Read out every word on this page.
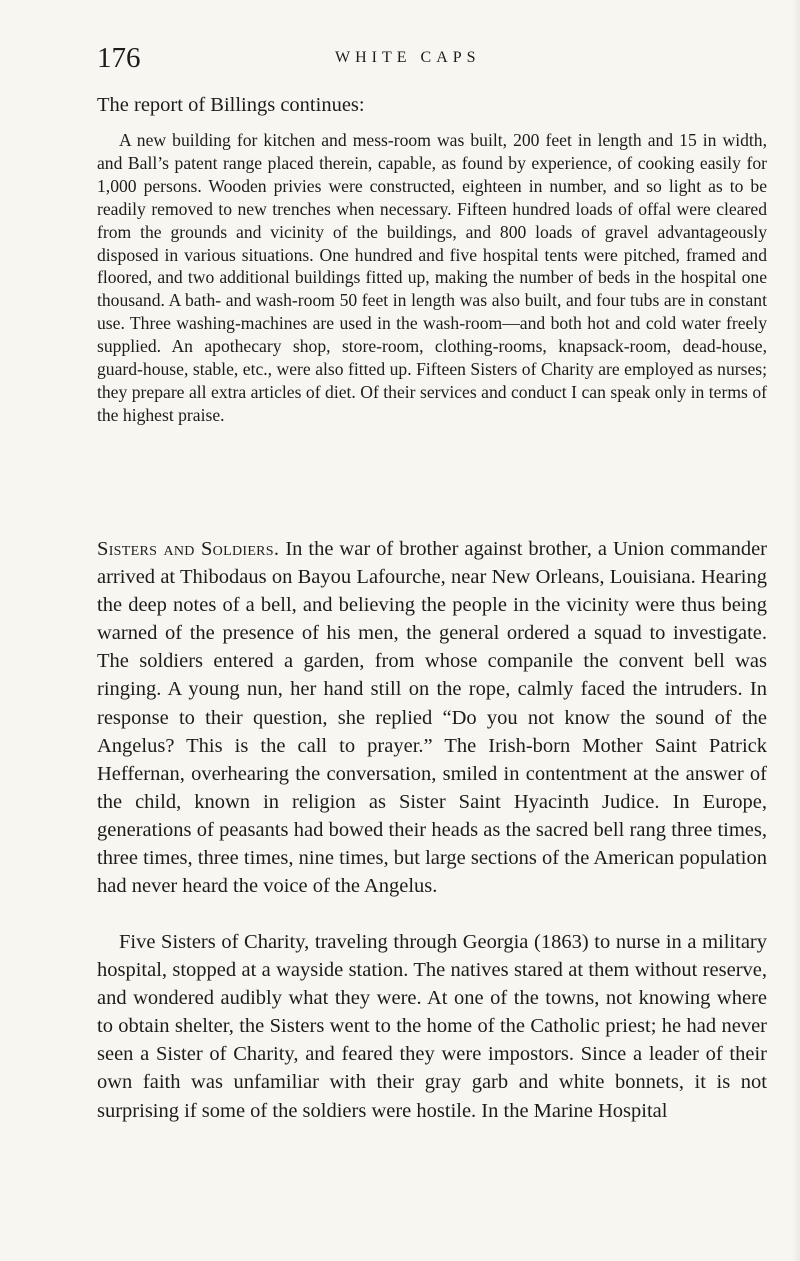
176	WHITE CAPS

The report of Billings continues:

A new building for kitchen and mess-room was built, 200 feet in length and 15 in width, and Ball’s patent range placed therein, capable, as found by experience, of cooking easily for 1,000 persons. Wooden privies were constructed, eighteen in number, and so light as to be readily removed to new trenches when necessary. Fifteen hundred loads of offal were cleared from the grounds and vicinity of the buildings, and 800 loads of gravel advantageously disposed in various situations. One hundred and five hospital tents were pitched, framed and floored, and two additional buildings fitted up, making the number of beds in the hospital one thousand. A bath- and wash-room 50 feet in length was also built, and four tubs are in constant use. Three washing-machines are used in the wash-room—and both hot and cold water freely supplied. An apothecary shop, store-room, clothing-rooms, knapsack-room, dead-house, guard-house, stable, etc., were also fitted up. Fifteen Sisters of Charity are employed as nurses; they prepare all extra articles of diet. Of their services and conduct I can speak only in terms of the highest praise.

Sisters and Soldiers. In the war of brother against brother, a Union commander arrived at Thibodaus on Bayou Lafourche, near New Orleans, Louisiana. Hearing the deep notes of a bell, and believing the people in the vicinity were thus being warned of the presence of his men, the general ordered a squad to investigate. The soldiers entered a garden, from whose companile the convent bell was ringing. A young nun, her hand still on the rope, calmly faced the intruders. In response to their question, she replied “Do you not know the sound of the Angelus? This is the call to prayer.” The Irish-born Mother Saint Patrick Heffernan, overhearing the conversation, smiled in contentment at the answer of the child, known in religion as Sister Saint Hyacinth Judice. In Europe, generations of peasants had bowed their heads as the sacred bell rang three times, three times, three times, nine times, but large sections of the American population had never heard the voice of the Angelus.

Five Sisters of Charity, traveling through Georgia (1863) to nurse in a military hospital, stopped at a wayside station. The natives stared at them without reserve, and wondered audibly what they were. At one of the towns, not knowing where to obtain shelter, the Sisters went to the home of the Catholic priest; he had never seen a Sister of Charity, and feared they were impostors. Since a leader of their own faith was unfamiliar with their gray garb and white bonnets, it is not surprising if some of the soldiers were hostile. In the Marine Hospital
